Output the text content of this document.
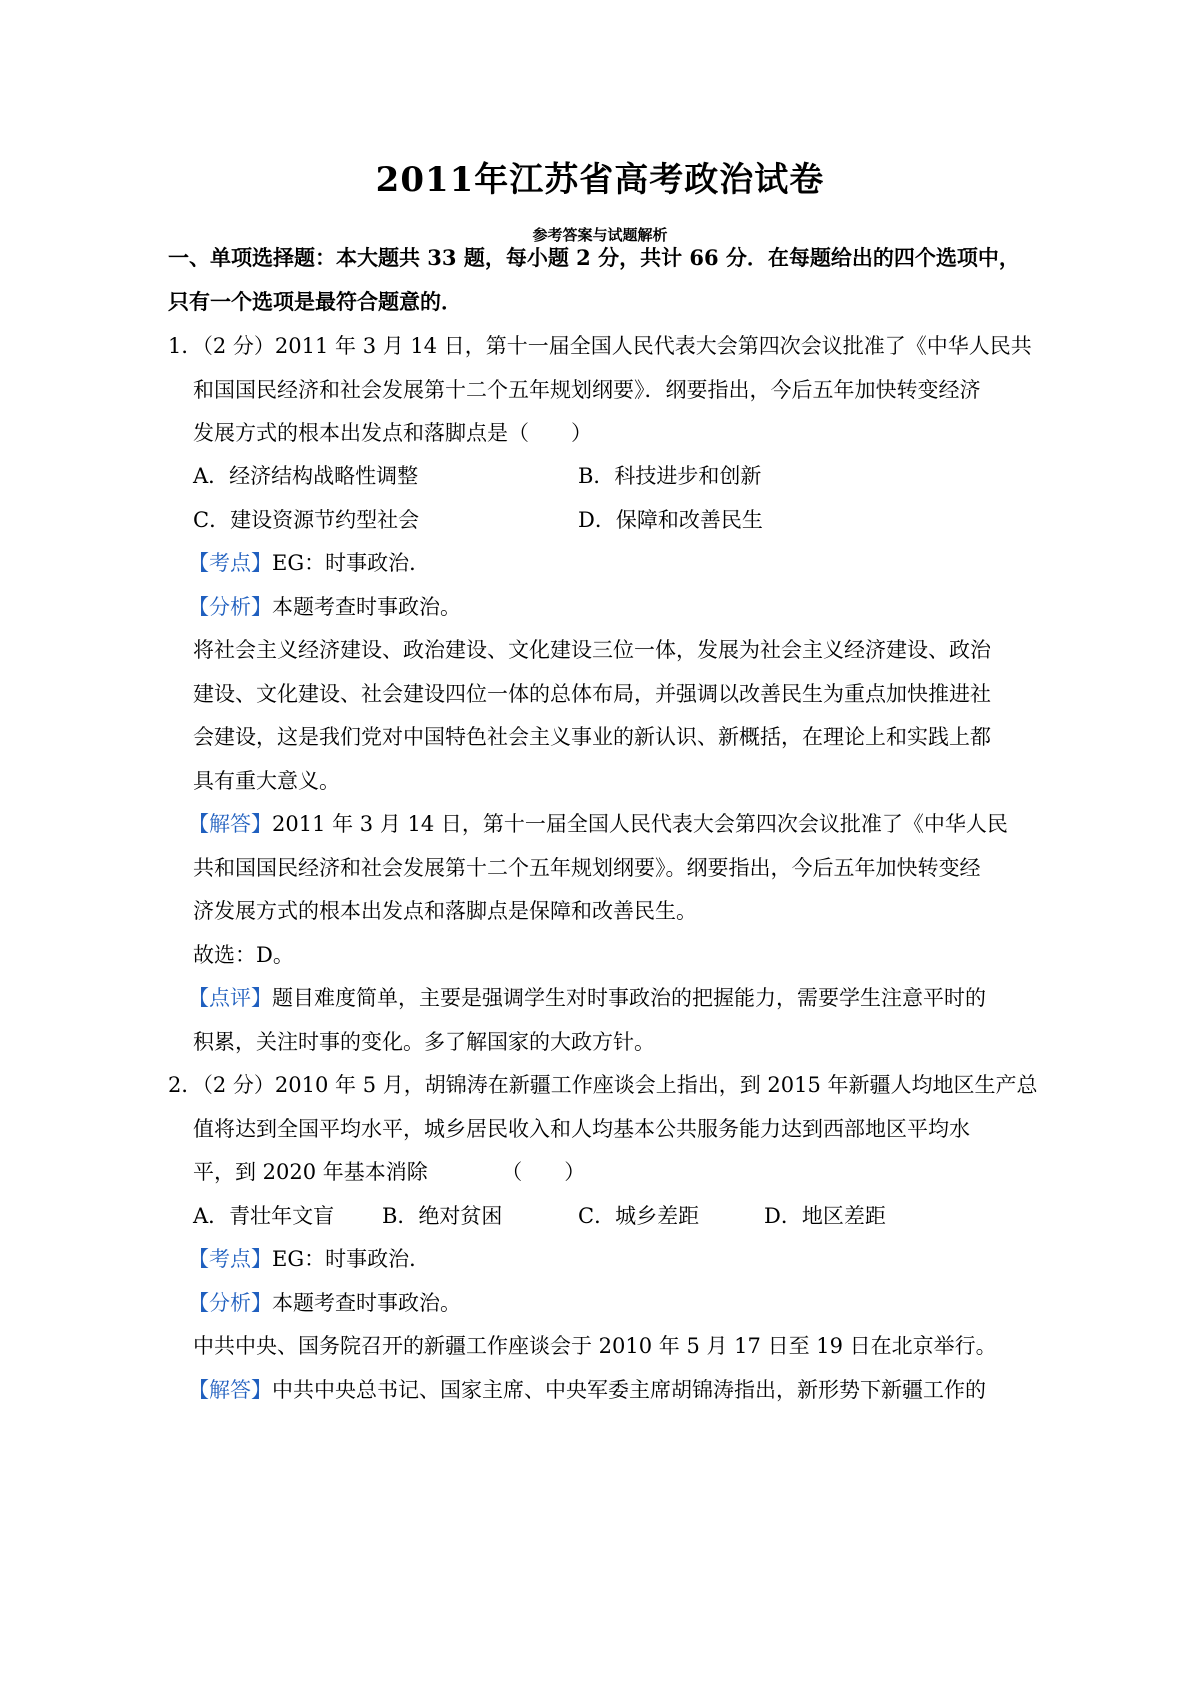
2011年江苏省高考政治试卷
参考答案与试题解析
一、单项选择题：本大题共 33 题，每小题 2 分，共计 66 分．在每题给出的四个选项中，
只有一个选项是最符合题意的．
1．（2 分）2011 年 3 月 14 日，第十一届全国人民代表大会第四次会议批准了《中华人民共
和国国民经济和社会发展第十二个五年规划纲要》．纲要指出，今后五年加快转变经济
发展方式的根本出发点和落脚点是（　　）
A．经济结构战略性调整	B．科技进步和创新
C．建设资源节约型社会	D．保障和改善民生
【考点】EG：时事政治．
【分析】本题考查时事政治。
将社会主义经济建设、政治建设、文化建设三位一体，发展为社会主义经济建设、政治
建设、文化建设、社会建设四位一体的总体布局，并强调以改善民生为重点加快推进社
会建设，这是我们党对中国特色社会主义事业的新认识、新概括，在理论上和实践上都
具有重大意义。
【解答】2011 年 3 月 14 日，第十一届全国人民代表大会第四次会议批准了《中华人民
共和国国民经济和社会发展第十二个五年规划纲要》。纲要指出，今后五年加快转变经
济发展方式的根本出发点和落脚点是保障和改善民生。
故选：D。
【点评】题目难度简单，主要是强调学生对时事政治的把握能力，需要学生注意平时的
积累，关注时事的变化。多了解国家的大政方针。
2．（2 分）2010 年 5 月，胡锦涛在新疆工作座谈会上指出，到 2015 年新疆人均地区生产总
值将达到全国平均水平，城乡居民收入和人均基本公共服务能力达到西部地区平均水
平，到 2020 年基本消除　　　　（　　）
A．青壮年文盲 B．绝对贫困	C．城乡差距	D．地区差距
【考点】EG：时事政治．
【分析】本题考查时事政治。
中共中央、国务院召开的新疆工作座谈会于 2010 年 5 月 17 日至 19 日在北京举行。
【解答】中共中央总书记、国家主席、中央军委主席胡锦涛指出，新形势下新疆工作的
